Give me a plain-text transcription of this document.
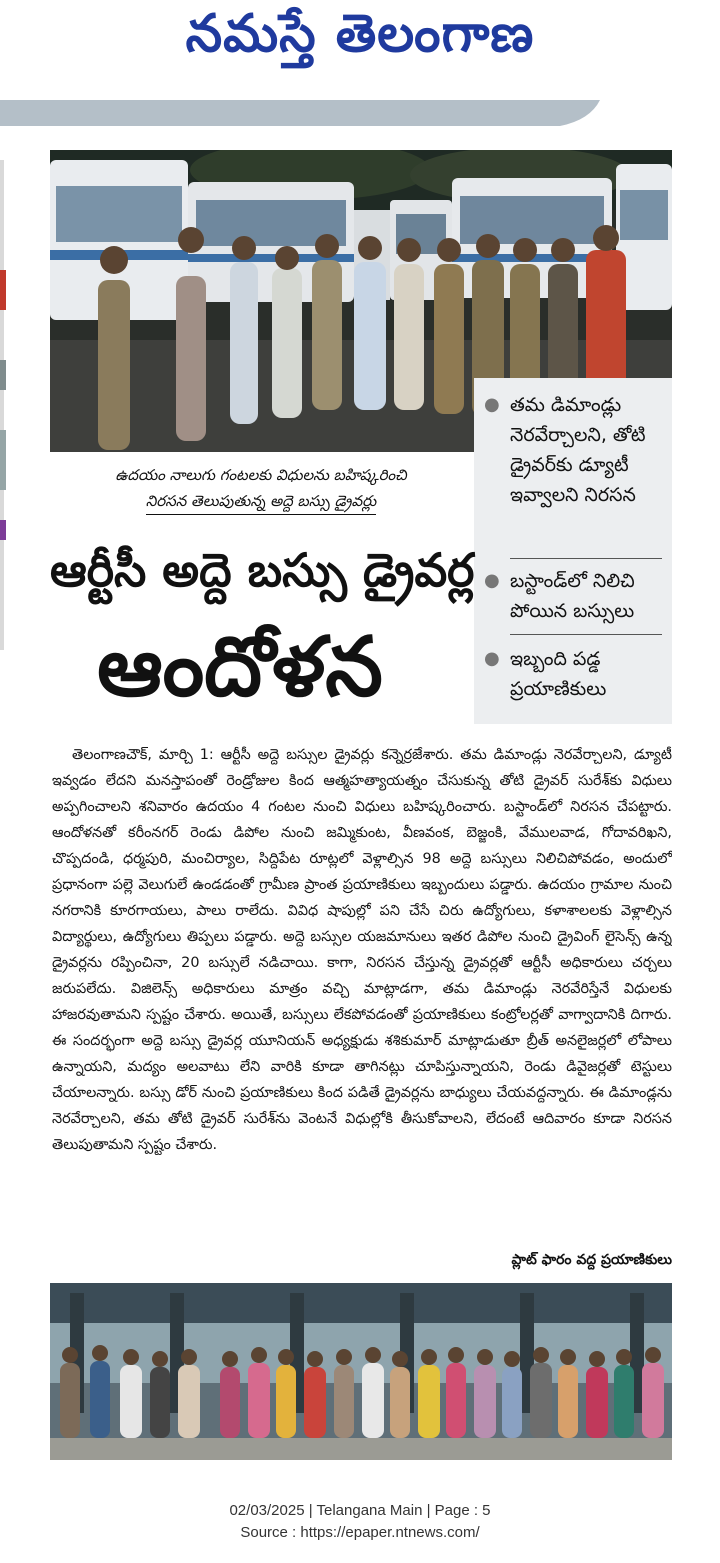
నమస్తే తెలంగాణ
● తమ డిమాండ్లు నెరవేర్చాలని, తోటి డ్రైవర్‌కు డ్యూటీ ఇవ్వాలని నిరసన
● బస్టాండ్‌లో నిలిచి పోయిన బస్సులు
● ఇబ్బంది పడ్డ ప్రయాణికులు
ఉదయం నాలుగు గంటలకు విధులను బహిష్కరించి
నిరసన తెలుపుతున్న అద్దె బస్సు డ్రైవర్లు
ఆర్టీసీ అద్దె బస్సు డ్రైవర్ల
ఆందోళన
తెలంగాణచౌక్, మార్చి 1: ఆర్టీసీ అద్దె బస్సుల డ్రైవర్లు కన్నెర్రజేశారు. తమ డిమాండ్లు నెరవేర్చాలని, డ్యూటీ ఇవ్వడం లేదని మనస్తాపంతో రెండ్రోజుల కింద ఆత్మహత్యాయత్నం చేసుకున్న తోటి డ్రైవర్ సురేశ్‌కు విధులు అప్పగించాలని శనివారం ఉదయం 4 గంటల నుంచి విధులు బహిష్కరించారు. బస్టాండ్‌లో నిరసన చేపట్టారు. ఆందోళనతో కరీంనగర్ రెండు డిపోల నుంచి జమ్మికుంట, వీణవంక, బెజ్జంకి, వేములవాడ, గోదావరిఖని, చొప్పదండి, ధర్మపురి, మంచిర్యాల, సిద్దిపేట రూట్లలో వెళ్లాల్సిన 98 అద్దె బస్సులు నిలిచిపోవడం, అందులో ప్రధానంగా పల్లె వెలుగులే ఉండడంతో గ్రామీణ ప్రాంత ప్రయాణికులు ఇబ్బందులు పడ్డారు. ఉదయం గ్రామాల నుంచి నగరానికి కూరగాయలు, పాలు రాలేదు. వివిధ షాపుల్లో పని చేసే చిరు ఉద్యోగులు, కళాశాలలకు వెళ్లాల్సిన విద్యార్థులు, ఉద్యోగులు తిప్పలు పడ్డారు. అద్దె బస్సుల యజమానులు ఇతర డిపోల నుంచి డ్రైవింగ్ లైసెన్స్ ఉన్న డ్రైవర్లను రప్పించినా, 20 బస్సులే నడిచాయి. కాగా, నిరసన చేస్తున్న డ్రైవర్లతో ఆర్టీసీ అధికారులు చర్చలు జరుపలేదు. విజిలెన్స్ అధికారులు మాత్రం వచ్చి మాట్లాడగా, తమ డిమాండ్లు నెరవేరిస్తేనే విధులకు హాజరవుతామని స్పష్టం చేశారు. అయితే, బస్సులు లేకపోవడంతో ప్రయాణికులు కంట్రోలర్లతో వాగ్వాదానికి దిగారు. ఈ సందర్భంగా అద్దె బస్సు డ్రైవర్ల యూనియన్ అధ్యక్షుడు శశికుమార్ మాట్లాడుతూ బ్రీత్ అనలైజర్లలో లోపాలు ఉన్నాయని, మద్యం అలవాటు లేని వారికి కూడా తాగినట్లు చూపిస్తున్నాయని, రెండు డివైజర్లతో టెస్టులు చేయాలన్నారు. బస్సు డోర్ నుంచి ప్రయాణికులు కింద పడితే డ్రైవర్లను బాధ్యులు చేయవద్దన్నారు. ఈ డిమాండ్లను నెరవేర్చాలని, తమ తోటి డ్రైవర్ సురేశ్‌ను వెంటనే విధుల్లోకి తీసుకోవాలని, లేదంటే ఆదివారం కూడా నిరసన తెలుపుతామని స్పష్టం చేశారు.
ప్లాట్ ఫారం వద్ద ప్రయాణికులు
02/03/2025 | Telangana Main | Page : 5
Source : https://epaper.ntnews.com/
